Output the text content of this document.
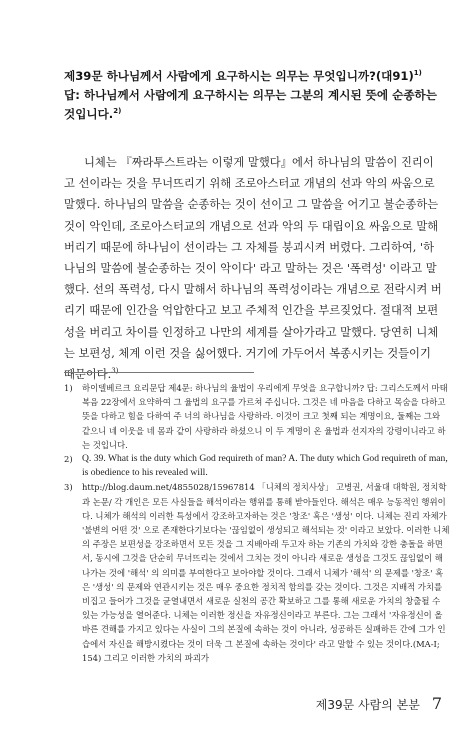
제39문 하나님께서 사람에게 요구하시는 의무는 무엇입니까?(대91)$^{1)}$

답: 하나님께서 사람에게 요구하시는 의무는 그분의 계시된 뜻에 순종하는 것입니다.$^{2)}$

니체는 『짜라투스트라는 이렇게 말했다』에서 하나님의 말씀이 진리이고 선이라는 것을 무너뜨리기 위해 조로아스터교 개념의 선과 악의 싸움으로 말했다. 하나님의 말씀을 순종하는 것이 선이고 그 말씀을 어기고 불순종하는 것이 악인데, 조로아스터교의 개념으로 선과 악의 두 대립이요 싸움으로 말해 버리기 때문에 하나님이 선이라는 그 자체를 붕괴시켜 버렸다. 그리하여, '하나님의 말씀에 불순종하는 것이 악이다' 라고 말하는 것은 '폭력성' 이라고 말했다. 선의 폭력성, 다시 말해서 하나님의 폭력성이라는 개념으로 전락시켜 버리기 때문에 인간을 억압한다고 보고 주체적 인간을 부르짖었다. 절대적 보편성을 버리고 차이를 인정하고 나만의 세계를 살아가라고 말했다. 당연히 니체는 보편성, 체계 이런 것을 싫어했다. 거기에 가두어서 복종시키는 것들이기 때문이다.$^{3)}$

1)	하이델베르크 요리문답 제4문: 하나님의 율법이 우리에게 무엇을 요구합니까? 답: 그리스도께서 마태복음 22장에서 요약하여 그 율법의 요구를 가르쳐 주십니다. 그것은 네 마음을 다하고 목숨을 다하고 뜻을 다하고 힘을 다하여 주 너의 하나님을 사랑하라. 이것이 크고 첫째 되는 계명이요, 둘째는 그와 같으니 네 이웃을 네 몸과 같이 사랑하라 하셨으니 이 두 계명이 온 율법과 선지자의 강령이니라고 하는 것입니다.
2) Q. 39. What is the duty which God requireth of man? A. The duty which God requireth of man, is obedience to his revealed will.
3)	http://blog.daum.net/4855028/15967814 「니체의 정치사상」 고병권, 서울대 대학원, 정치학과 논문/ 각 개인은 모든 사실들을 해석이라는 행위를 통해 받아들인다. 해석은 매우 능동적인 행위이다. 니체가 해석의 이러한 특성에서 강조하고자하는 것은 '창조' 혹은 '생성' 이다. 니체는 진리 자체가 '불변의 어떤 것' 으로 존재한다기보다는 '끊임없이 생성되고 해석되는 것' 이라고 보았다. 이러한 니체의 주장은 보편성을 강조하면서 모든 것을 그 지배아래 두고자 하는 기존의 가치와 강한 충돌을 하면서, 동시에 그것을 단순히 무너뜨리는 것에서 그치는 것이 아니라 새로운 생성을 그것도 끊임없이 해나가는 것에 '해석' 의 의미를 부여한다고 보아야할 것이다. 그래서 니체가 '해석' 의 문제를 '창조' 혹은 '생성' 의 문제와 연관시키는 것은 매우 중요한 정치적 함의를 갖는 것이다. 그것은 지배적 가치를 비집고 들어가 그것을 균열내면서 새로운 실천의 공간 확보하고 그를 통해 새로운 가치의 창출될 수 있는 가능성을 열어준다. 니체는 이러한 정신을 자유정신이라고 부른다. 그는 그래서 '자유정신이 올바른 견해를 가지고 있다는 사실이 그의 본질에 속하는 것이 아니라, 성공하든 실패하든 간에 그가 인습에서 자신을 해방시켰다는 것이 더욱 그 본질에 속하는 것이다' 라고 말할 수 있는 것이다.(MA-I; 154) 그리고 이러한 가치의 파괴가
제39문 사람의 본분 7
